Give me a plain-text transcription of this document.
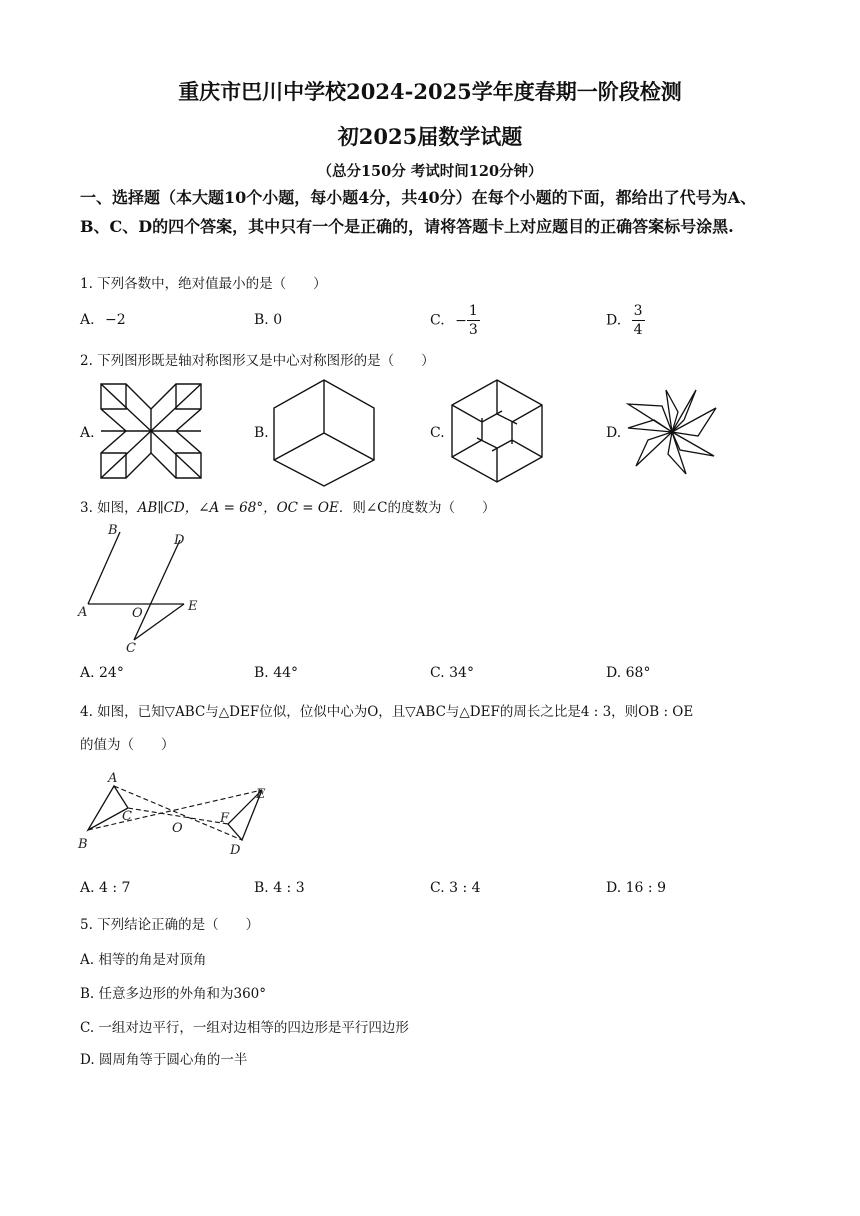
重庆市巴川中学校2024-2025学年度春期一阶段检测
初2025届数学试题
（总分150分 考试时间120分钟）
一、选择题（本大题10个小题，每小题4分，共40分）在每个小题的下面，都给出了代号为A、B、C、D的四个答案，其中只有一个是正确的，请将答题卡上对应题目的正确答案标号涂黑.
1. 下列各数中，绝对值最小的是（　　）
A. −2	B. 0	C. − $\frac{1}{3}$	D. $\frac{3}{4}$
2. 下列图形既是轴对称图形又是中心对称图形的是（　　）
A.	B.	C.	D.
3. 如图，AB∥CD，∠A = 68°，OC = OE．则∠C的度数为（　　）
B
D
A	O	E
C
A. 24°	B. 44°	C. 34°	D. 68°
4. 如图，已知▽ABC与△DEF位似，位似中心为O，且▽ABC与△DEF的周长之比是4 : 3，则OB : OE
的值为（　　）
A
E
C
O
F
B	D
A. 4 : 7	B. 4 : 3	C. 3 : 4	D. 16 : 9
5. 下列结论正确的是（　　）
A. 相等的角是对顶角
B. 任意多边形的外角和为360°
C. 一组对边平行，一组对边相等的四边形是平行四边形
D. 圆周角等于圆心角的一半
